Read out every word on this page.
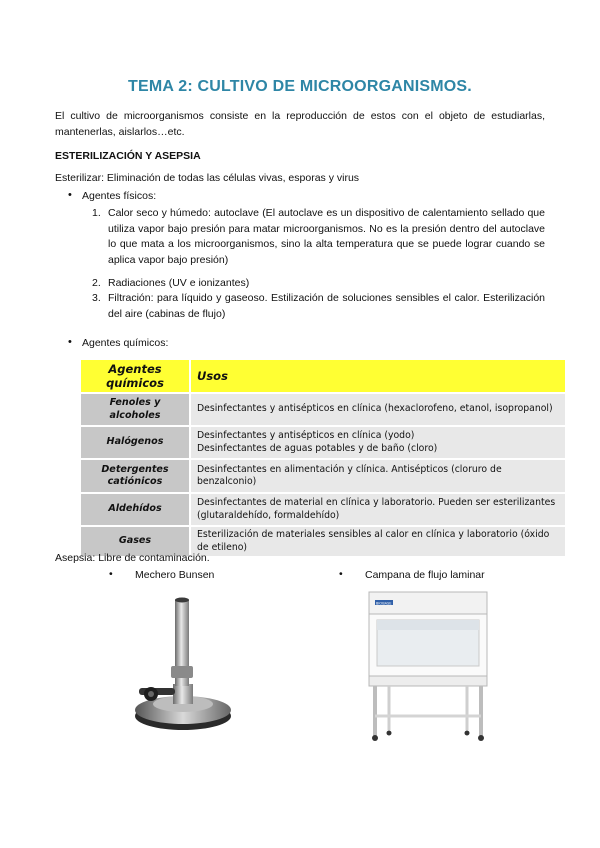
TEMA 2: CULTIVO DE MICROORGANISMOS.
El cultivo de microorganismos consiste en la reproducción de estos con el objeto de estudiarlas, mantenerlas, aislarlos…etc.
ESTERILIZACIÓN Y ASEPSIA
Esterilizar: Eliminación de todas las células vivas, esporas y virus
• Agentes físicos:
1. Calor seco y húmedo: autoclave (El autoclave es un dispositivo de calentamiento sellado que utiliza vapor bajo presión para matar microorganismos. No es la presión dentro del autoclave lo que mata a los microorganismos, sino la alta temperatura que se puede lograr cuando se aplica vapor bajo presión)
2. Radiaciones (UV e ionizantes)
3. Filtración: para líquido y gaseoso. Estilización de soluciones sensibles el calor. Esterilización del aire (cabinas de flujo)
• Agentes químicos:
Agentes químicos	Usos
Fenoles y alcoholes	Desinfectantes y antisépticos en clínica (hexaclorofeno, etanol, isopropanol)
Halógenos	Desinfectantes y antisépticos en clínica (yodo)
Desinfectantes de aguas potables y de baño (cloro)

Detergentes catiónicos	Desinfectantes en alimentación y clínica. Antisépticos (cloruro de benzalconio)
Aldehídos	Desinfectantes de material en clínica y laboratorio. Pueden ser esterilizantes (glutaraldehído, formaldehído)
Gases	Esterilización de materiales sensibles al calor en clínica y laboratorio (óxido de etileno)
Asepsia: Libre de contaminación.
• Mechero Bunsen	• Campana de flujo laminar
BIOBASE
